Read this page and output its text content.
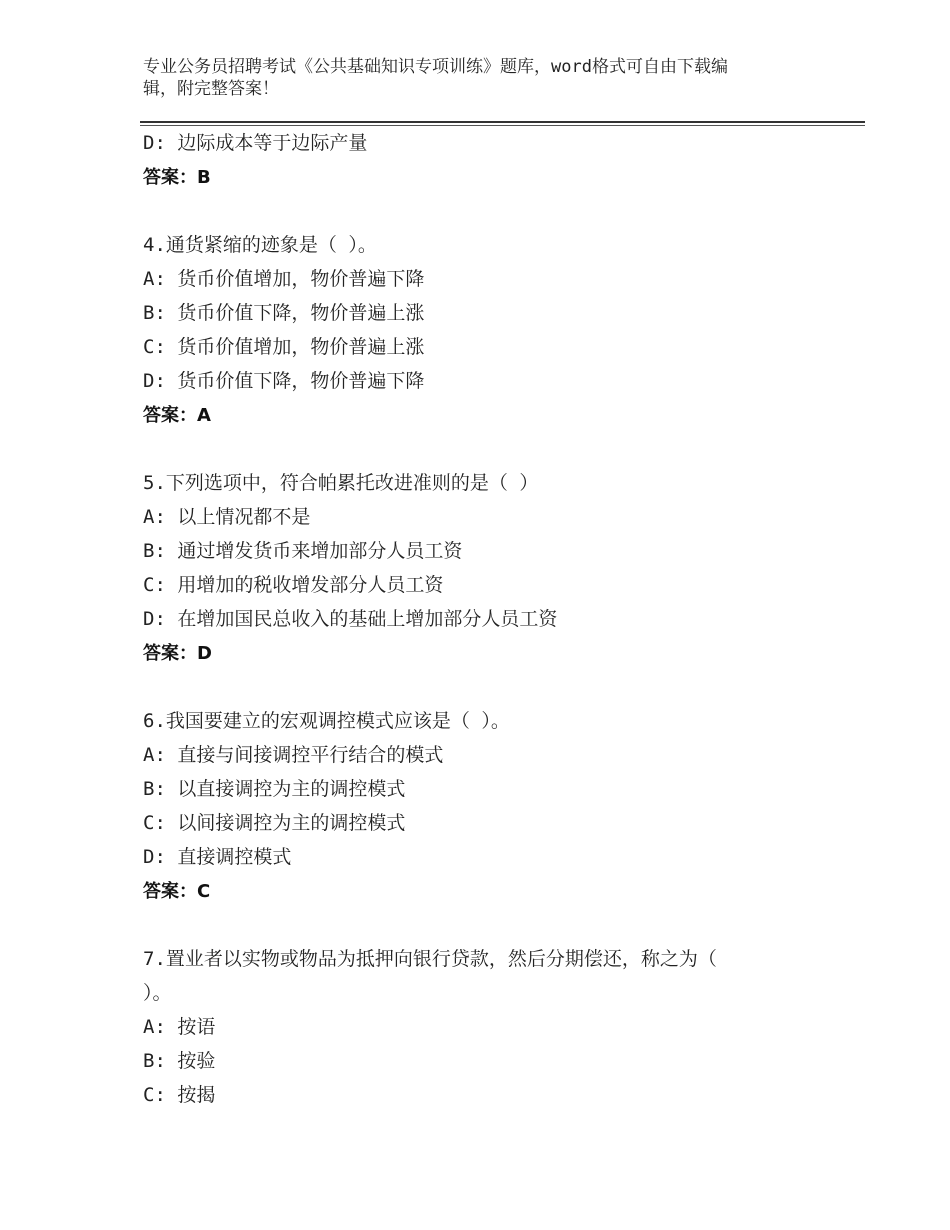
专业公务员招聘考试《公共基础知识专项训练》题库，word格式可自由下载编
辑，附完整答案！
D: 边际成本等于边际产量
答案：B
4.通货紧缩的迹象是（ ）。
A: 货币价值增加，物价普遍下降
B: 货币价值下降，物价普遍上涨
C: 货币价值增加，物价普遍上涨
D: 货币价值下降，物价普遍下降
答案：A
5.下列选项中，符合帕累托改进准则的是（ ）
A: 以上情况都不是
B: 通过增发货币来增加部分人员工资
C: 用增加的税收增发部分人员工资
D: 在增加国民总收入的基础上增加部分人员工资
答案：D
6.我国要建立的宏观调控模式应该是（ ）。
A: 直接与间接调控平行结合的模式
B: 以直接调控为主的调控模式
C: 以间接调控为主的调控模式
D: 直接调控模式
答案：C
7.置业者以实物或物品为抵押向银行贷款，然后分期偿还，称之为（
）。
A: 按语
B: 按验
C: 按揭
